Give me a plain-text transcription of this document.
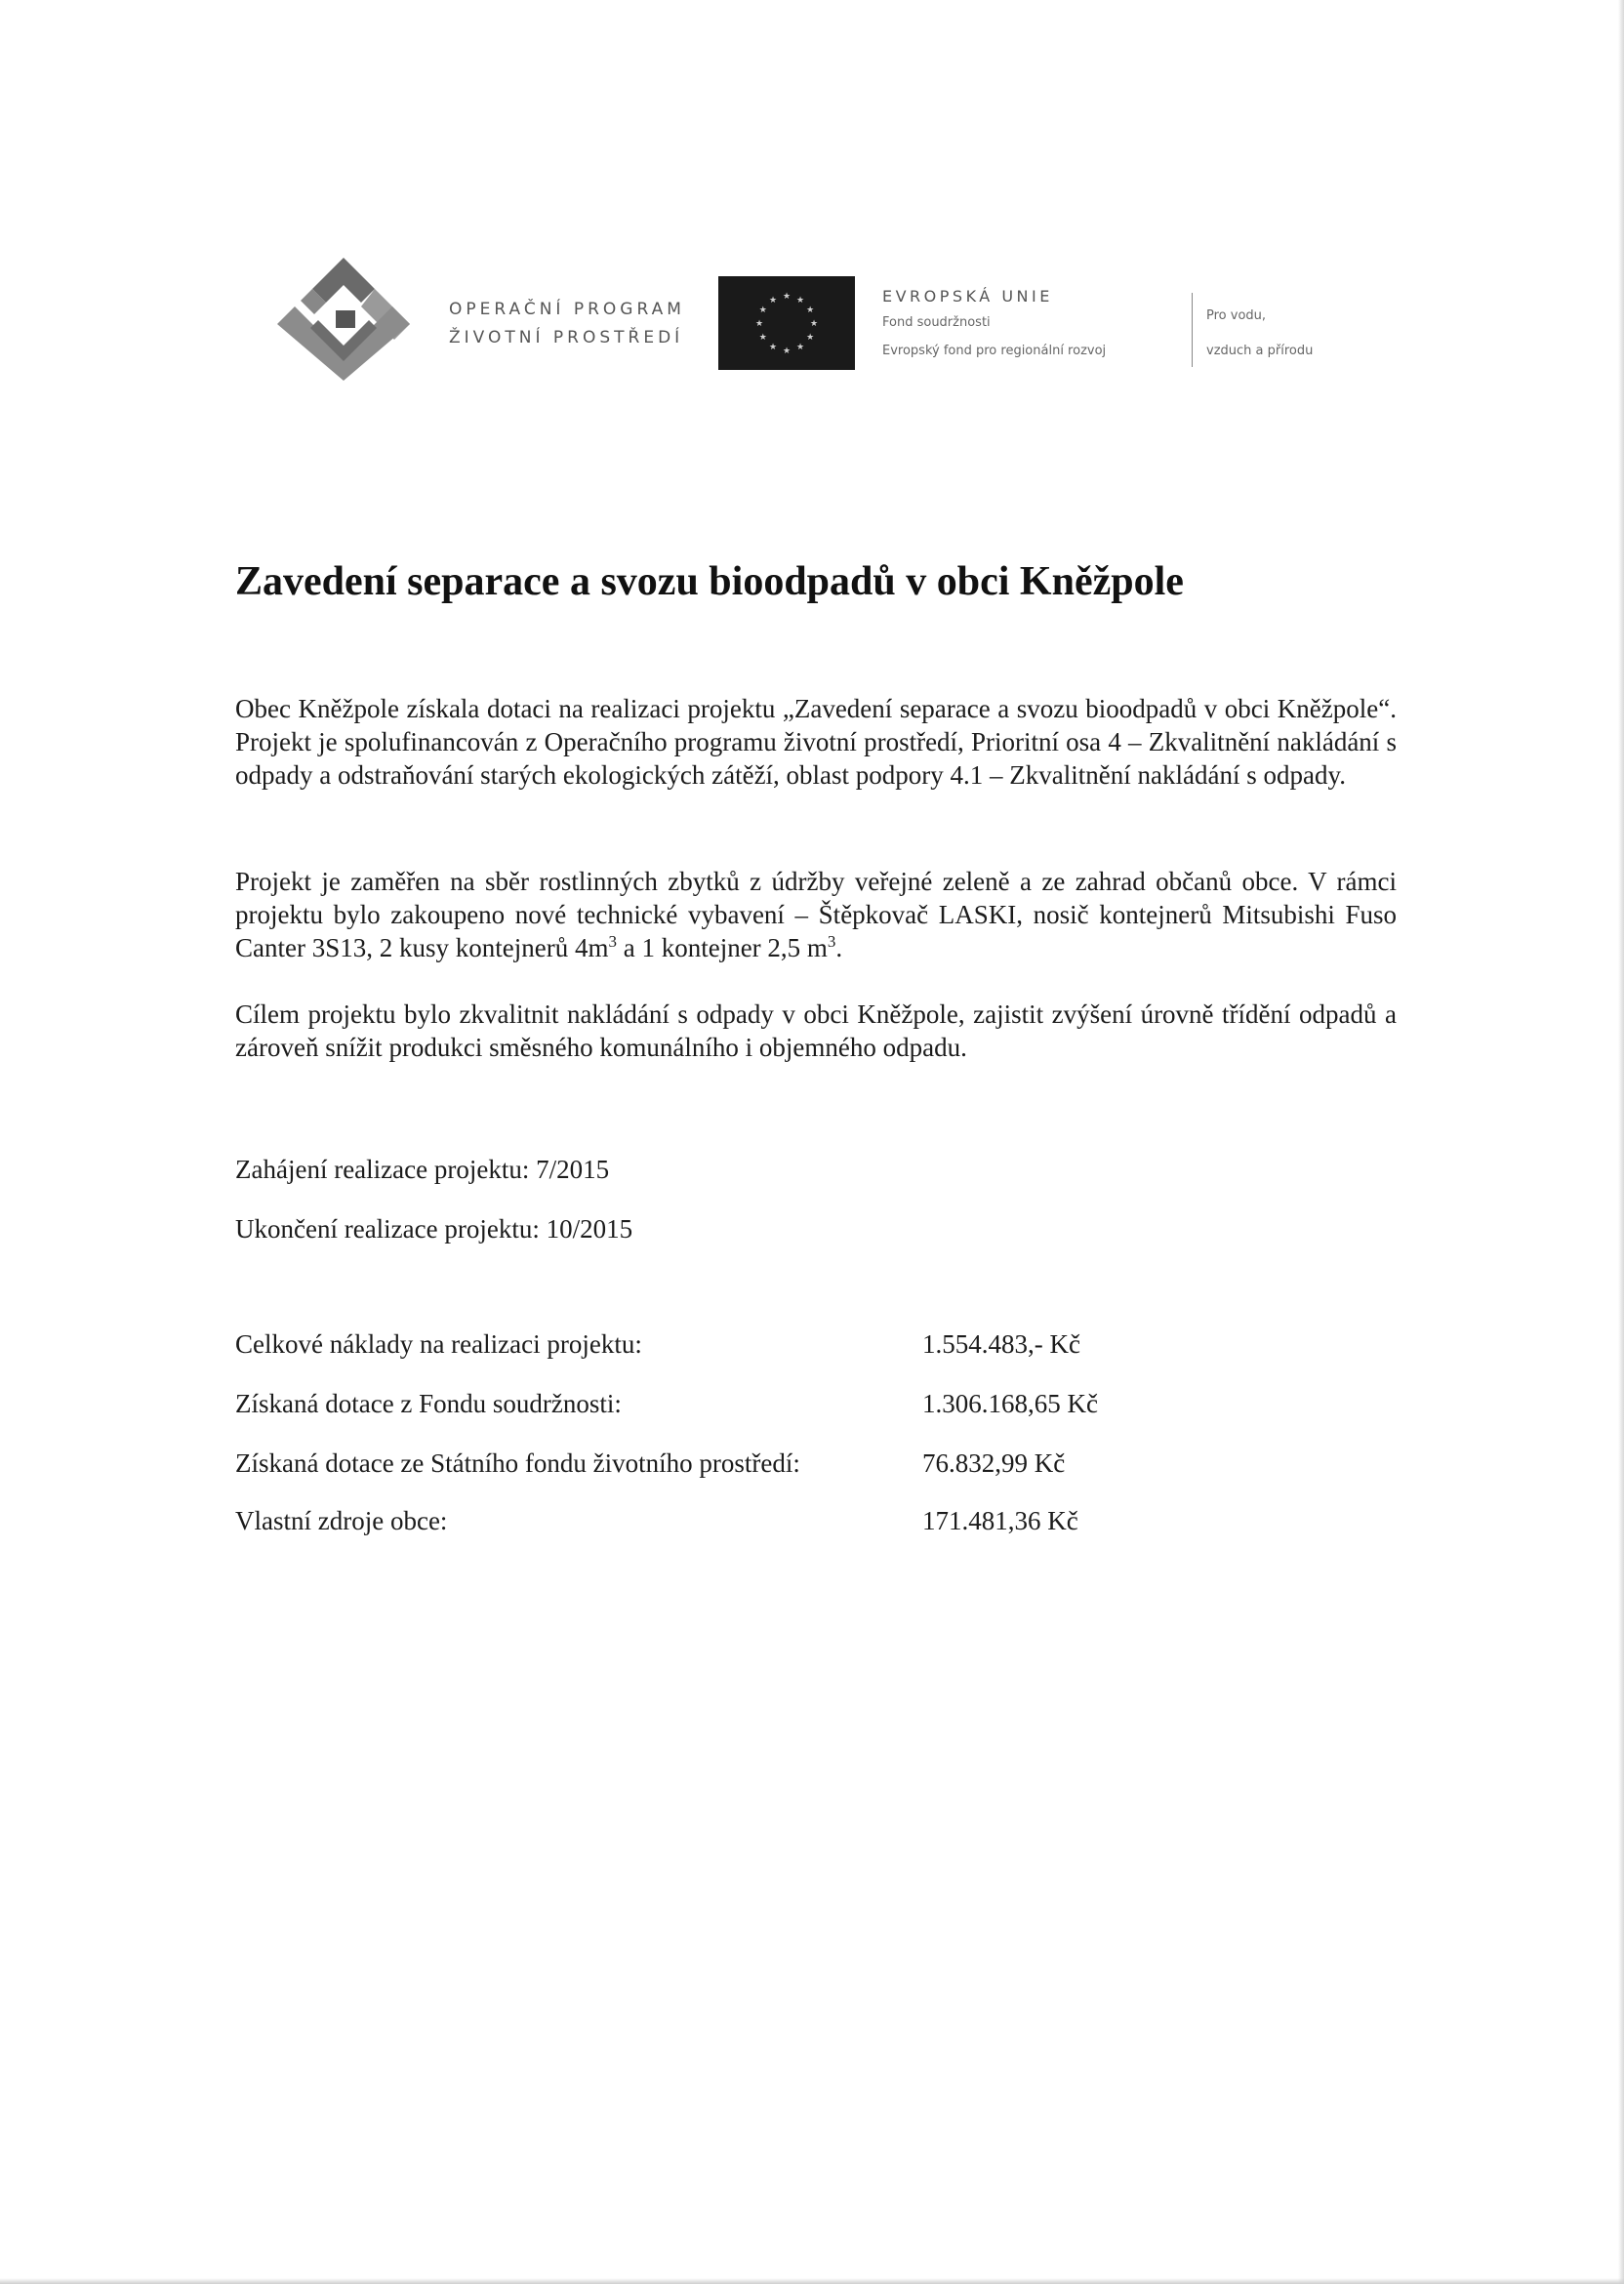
OPERAČNÍ PROGRAM
ŽIVOTNÍ PROSTŘEDÍ
★ ★
★
★
★
★
★
★
★
★
★
★	EVROPSKÁ UNIE
Fond soudržnosti
Evropský fond pro regionální rozvoj
Pro vodu,
vzduch a přírodu
Zavedení separace a svozu bioodpadů v obci Kněžpole

Obec Kněžpole získala dotaci na realizaci projektu „Zavedení separace a svozu bioodpadů v obci Kněžpole“. Projekt je spolufinancován z Operačního programu životní prostředí, Prioritní osa 4 – Zkvalitnění nakládání s odpady a odstraňování starých ekologických zátěží, oblast podpory 4.1 – Zkvalitnění nakládání s odpady.

Projekt je zaměřen na sběr rostlinných zbytků z údržby veřejné zeleně a ze zahrad občanů obce. V rámci projektu bylo zakoupeno nové technické vybavení – Štěpkovač LASKI, nosič kontejnerů Mitsubishi Fuso Canter 3S13, 2 kusy kontejnerů $4m^3$ a 1 kontejner 2,5 $m^3$.

Cílem projektu bylo zkvalitnit nakládání s odpady v obci Kněžpole, zajistit zvýšení úrovně třídění odpadů a zároveň snížit produkci směsného komunálního i objemného odpadu.

Zahájení realizace projektu: 7/2015

Ukončení realizace projektu: 10/2015

Celkové náklady na realizaci projektu:	1.554.483,- Kč
Získaná dotace z Fondu soudržnosti:	1.306.168,65 Kč
Získaná dotace ze Státního fondu životního prostředí:	76.832,99 Kč
Vlastní zdroje obce:	171.481,36 Kč
